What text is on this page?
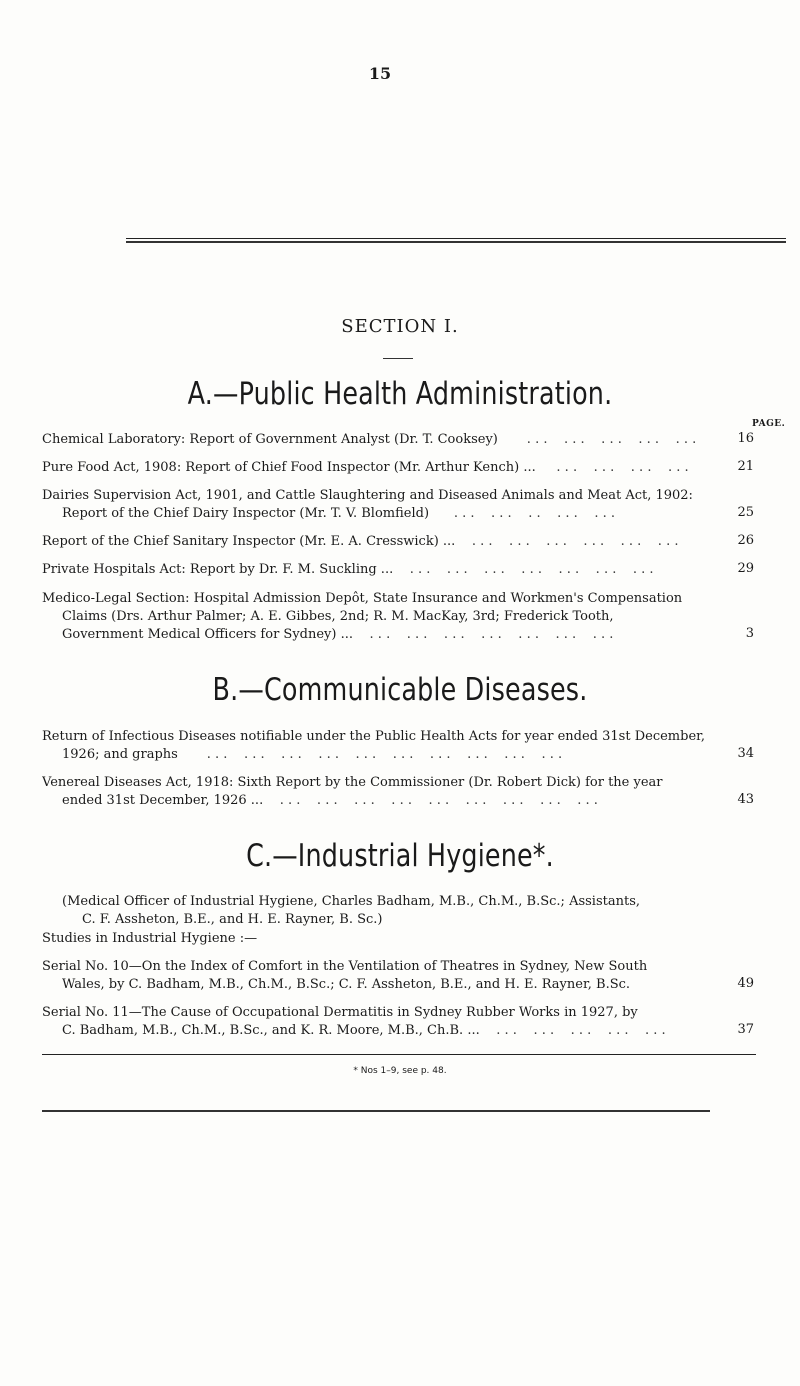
15
SECTION I.
A.—Public Health Administration.
PAGE.
Chemical Laboratory: Report of Government Analyst (Dr. T. Cooksey)       . . .    . . .    . . .    . . .    . . .	16
Pure Food Act, 1908: Report of Chief Food Inspector (Mr. Arthur Kench) ...     . . .    . . .    . . .    . . .	21
Dairies Supervision Act, 1901, and Cattle Slaughtering and Diseased Animals and Meat Act, 1902:
Report of the Chief Dairy Inspector (Mr. T. V. Blomfield)      . . .    . . .    . .    . . .    . . .	25
Report of the Chief Sanitary Inspector (Mr. E. A. Cresswick) ...    . . .    . . .    . . .    . . .    . . .    . . .	26
Private Hospitals Act: Report by Dr. F. M. Suckling ...    . . .    . . .    . . .    . . .    . . .    . . .    . . .	29
Medico-Legal Section: Hospital Admission Depôt, State Insurance and Workmen's Compensation
Claims (Drs. Arthur Palmer; A. E. Gibbes, 2nd; R. M. MacKay, 3rd; Frederick Tooth,
Government Medical Officers for Sydney) ...    . . .    . . .    . . .    . . .    . . .    . . .    . . .	3
B.—Communicable Diseases.
Return of Infectious Diseases notifiable under the Public Health Acts for year ended 31st December,
1926; and graphs       . . .    . . .    . . .    . . .    . . .    . . .    . . .    . . .    . . .    . . .	34
Venereal Diseases Act, 1918: Sixth Report by the Commissioner (Dr. Robert Dick) for the year
ended 31st December, 1926 ...    . . .    . . .    . . .    . . .    . . .    . . .    . . .    . . .    . . .	43
C.—Industrial Hygiene*.
(Medical Officer of Industrial Hygiene, Charles Badham, M.B., Ch.M., B.Sc.; Assistants,
C. F. Assheton, B.E., and H. E. Rayner, B. Sc.)
Studies in Industrial Hygiene :—
Serial No. 10—On the Index of Comfort in the Ventilation of Theatres in Sydney, New South
Wales, by C. Badham, M.B., Ch.M., B.Sc.; C. F. Assheton, B.E., and H. E. Rayner, B.Sc.	49
Serial No. 11—The Cause of Occupational Dermatitis in Sydney Rubber Works in 1927, by
C. Badham, M.B., Ch.M., B.Sc., and K. R. Moore, M.B., Ch.B. ...    . . .    . . .    . . .    . . .    . . .	37
* Nos 1–9, see p. 48.
